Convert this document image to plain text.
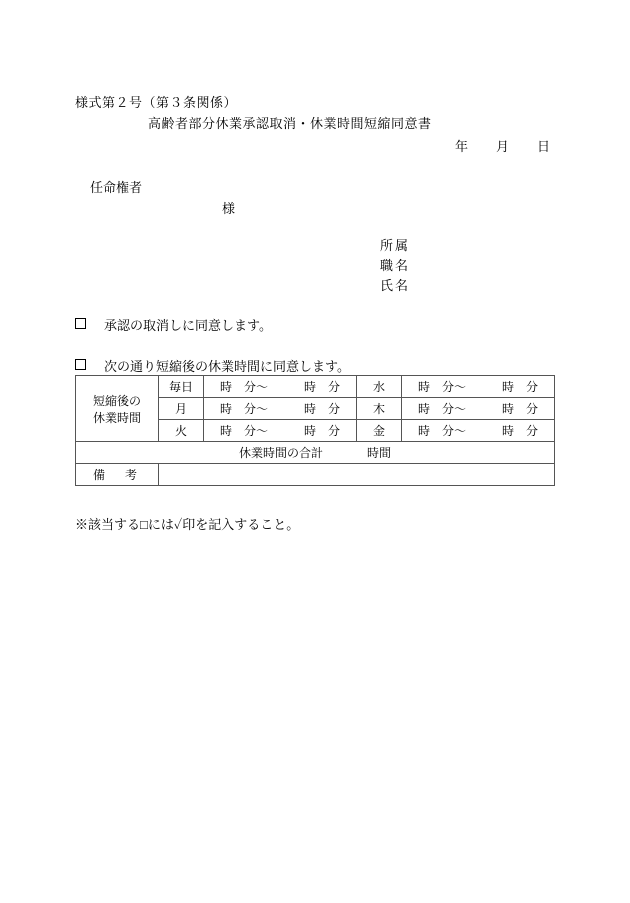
様式第２号（第３条関係）
高齢者部分休業承認取消・休業時間短縮同意書
年 月 日
任命権者
様
所属
職名
氏名
承認の取消しに同意します。
次の通り短縮後の休業時間に同意します。
短縮後の
休業時間	毎日	時　分～　　　時　分	水	時　分～　　　時　分
	月	時　分～　　　時　分	木	時　分～　　　時　分
	火	時　分～　　　時　分	金	時　分～　　　時　分
休業時間の合計 時間				
備　考				
※該当する□には✓印を記入すること。
